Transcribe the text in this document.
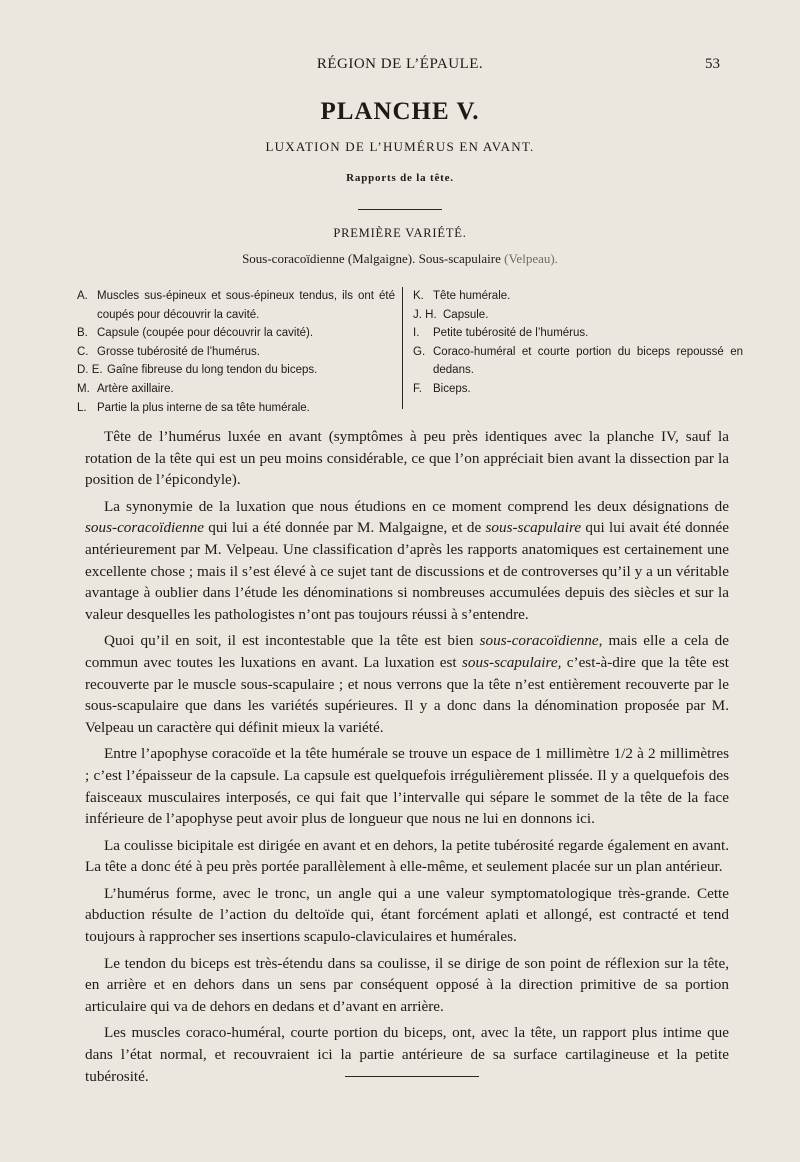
RÉGION DE L’ÉPAULE.	53
PLANCHE V.
LUXATION DE L’HUMÉRUS EN AVANT.
Rapports de la tête.
PREMIÈRE VARIÉTÉ.
Sous-coracoïdienne (Malgaigne). Sous-scapulaire (Velpeau).
A. Muscles sus-épineux et sous-épineux tendus, ils ont été coupés pour découvrir la cavité.
B. Capsule (coupée pour découvrir la cavité).
C. Grosse tubérosité de l’humérus.
D. E. Gaîne fibreuse du long tendon du biceps.
M. Artère axillaire.
L. Partie la plus interne de sa tête humérale.
K. Tête humérale.
J. H. Capsule.
I. Petite tubérosité de l’humérus.
G. Coraco-huméral et courte portion du biceps repoussé en dedans.
F. Biceps.

Tête de l’humérus luxée en avant (symptômes à peu près identiques avec la planche IV, sauf la rotation de la tête qui est un peu moins considérable, ce que l’on appréciait bien avant la dissection par la position de l’épicondyle).

La synonymie de la luxation que nous étudions en ce moment comprend les deux désignations de sous-coracoïdienne qui lui a été donnée par M. Malgaigne, et de sous-scapulaire qui lui avait été donnée antérieurement par M. Velpeau. Une classification d’après les rapports anatomiques est certainement une excellente chose ; mais il s’est élevé à ce sujet tant de discussions et de controverses qu’il y a un véritable avantage à oublier dans l’étude les dénominations si nombreuses accumulées depuis des siècles et sur la valeur desquelles les pathologistes n’ont pas toujours réussi à s’entendre.

Quoi qu’il en soit, il est incontestable que la tête est bien sous-coracoïdienne, mais elle a cela de commun avec toutes les luxations en avant. La luxation est sous-scapulaire, c’est-à-dire que la tête est recouverte par le muscle sous-scapulaire ; et nous verrons que la tête n’est entièrement recouverte par le sous-scapulaire que dans les variétés supérieures. Il y a donc dans la dénomination proposée par M. Velpeau un caractère qui définit mieux la variété.

Entre l’apophyse coracoïde et la tête humérale se trouve un espace de 1 millimètre 1/2 à 2 millimètres ; c’est l’épaisseur de la capsule. La capsule est quelquefois irrégulièrement plissée. Il y a quelquefois des faisceaux musculaires interposés, ce qui fait que l’intervalle qui sépare le sommet de la tête de la face inférieure de l’apophyse peut avoir plus de longueur que nous ne lui en donnons ici.

La coulisse bicipitale est dirigée en avant et en dehors, la petite tubérosité regarde également en avant. La tête a donc été à peu près portée parallèlement à elle-même, et seulement placée sur un plan antérieur.

L’humérus forme, avec le tronc, un angle qui a une valeur symptomatologique très-grande. Cette abduction résulte de l’action du deltoïde qui, étant forcément aplati et allongé, est contracté et tend toujours à rapprocher ses insertions scapulo-claviculaires et humérales.

Le tendon du biceps est très-étendu dans sa coulisse, il se dirige de son point de réflexion sur la tête, en arrière et en dehors dans un sens par conséquent opposé à la direction primitive de sa portion articulaire qui va de dehors en dedans et d’avant en arrière.

Les muscles coraco-huméral, courte portion du biceps, ont, avec la tête, un rapport plus intime que dans l’état normal, et recouvraient ici la partie antérieure de sa surface cartilagineuse et la petite tubérosité.
